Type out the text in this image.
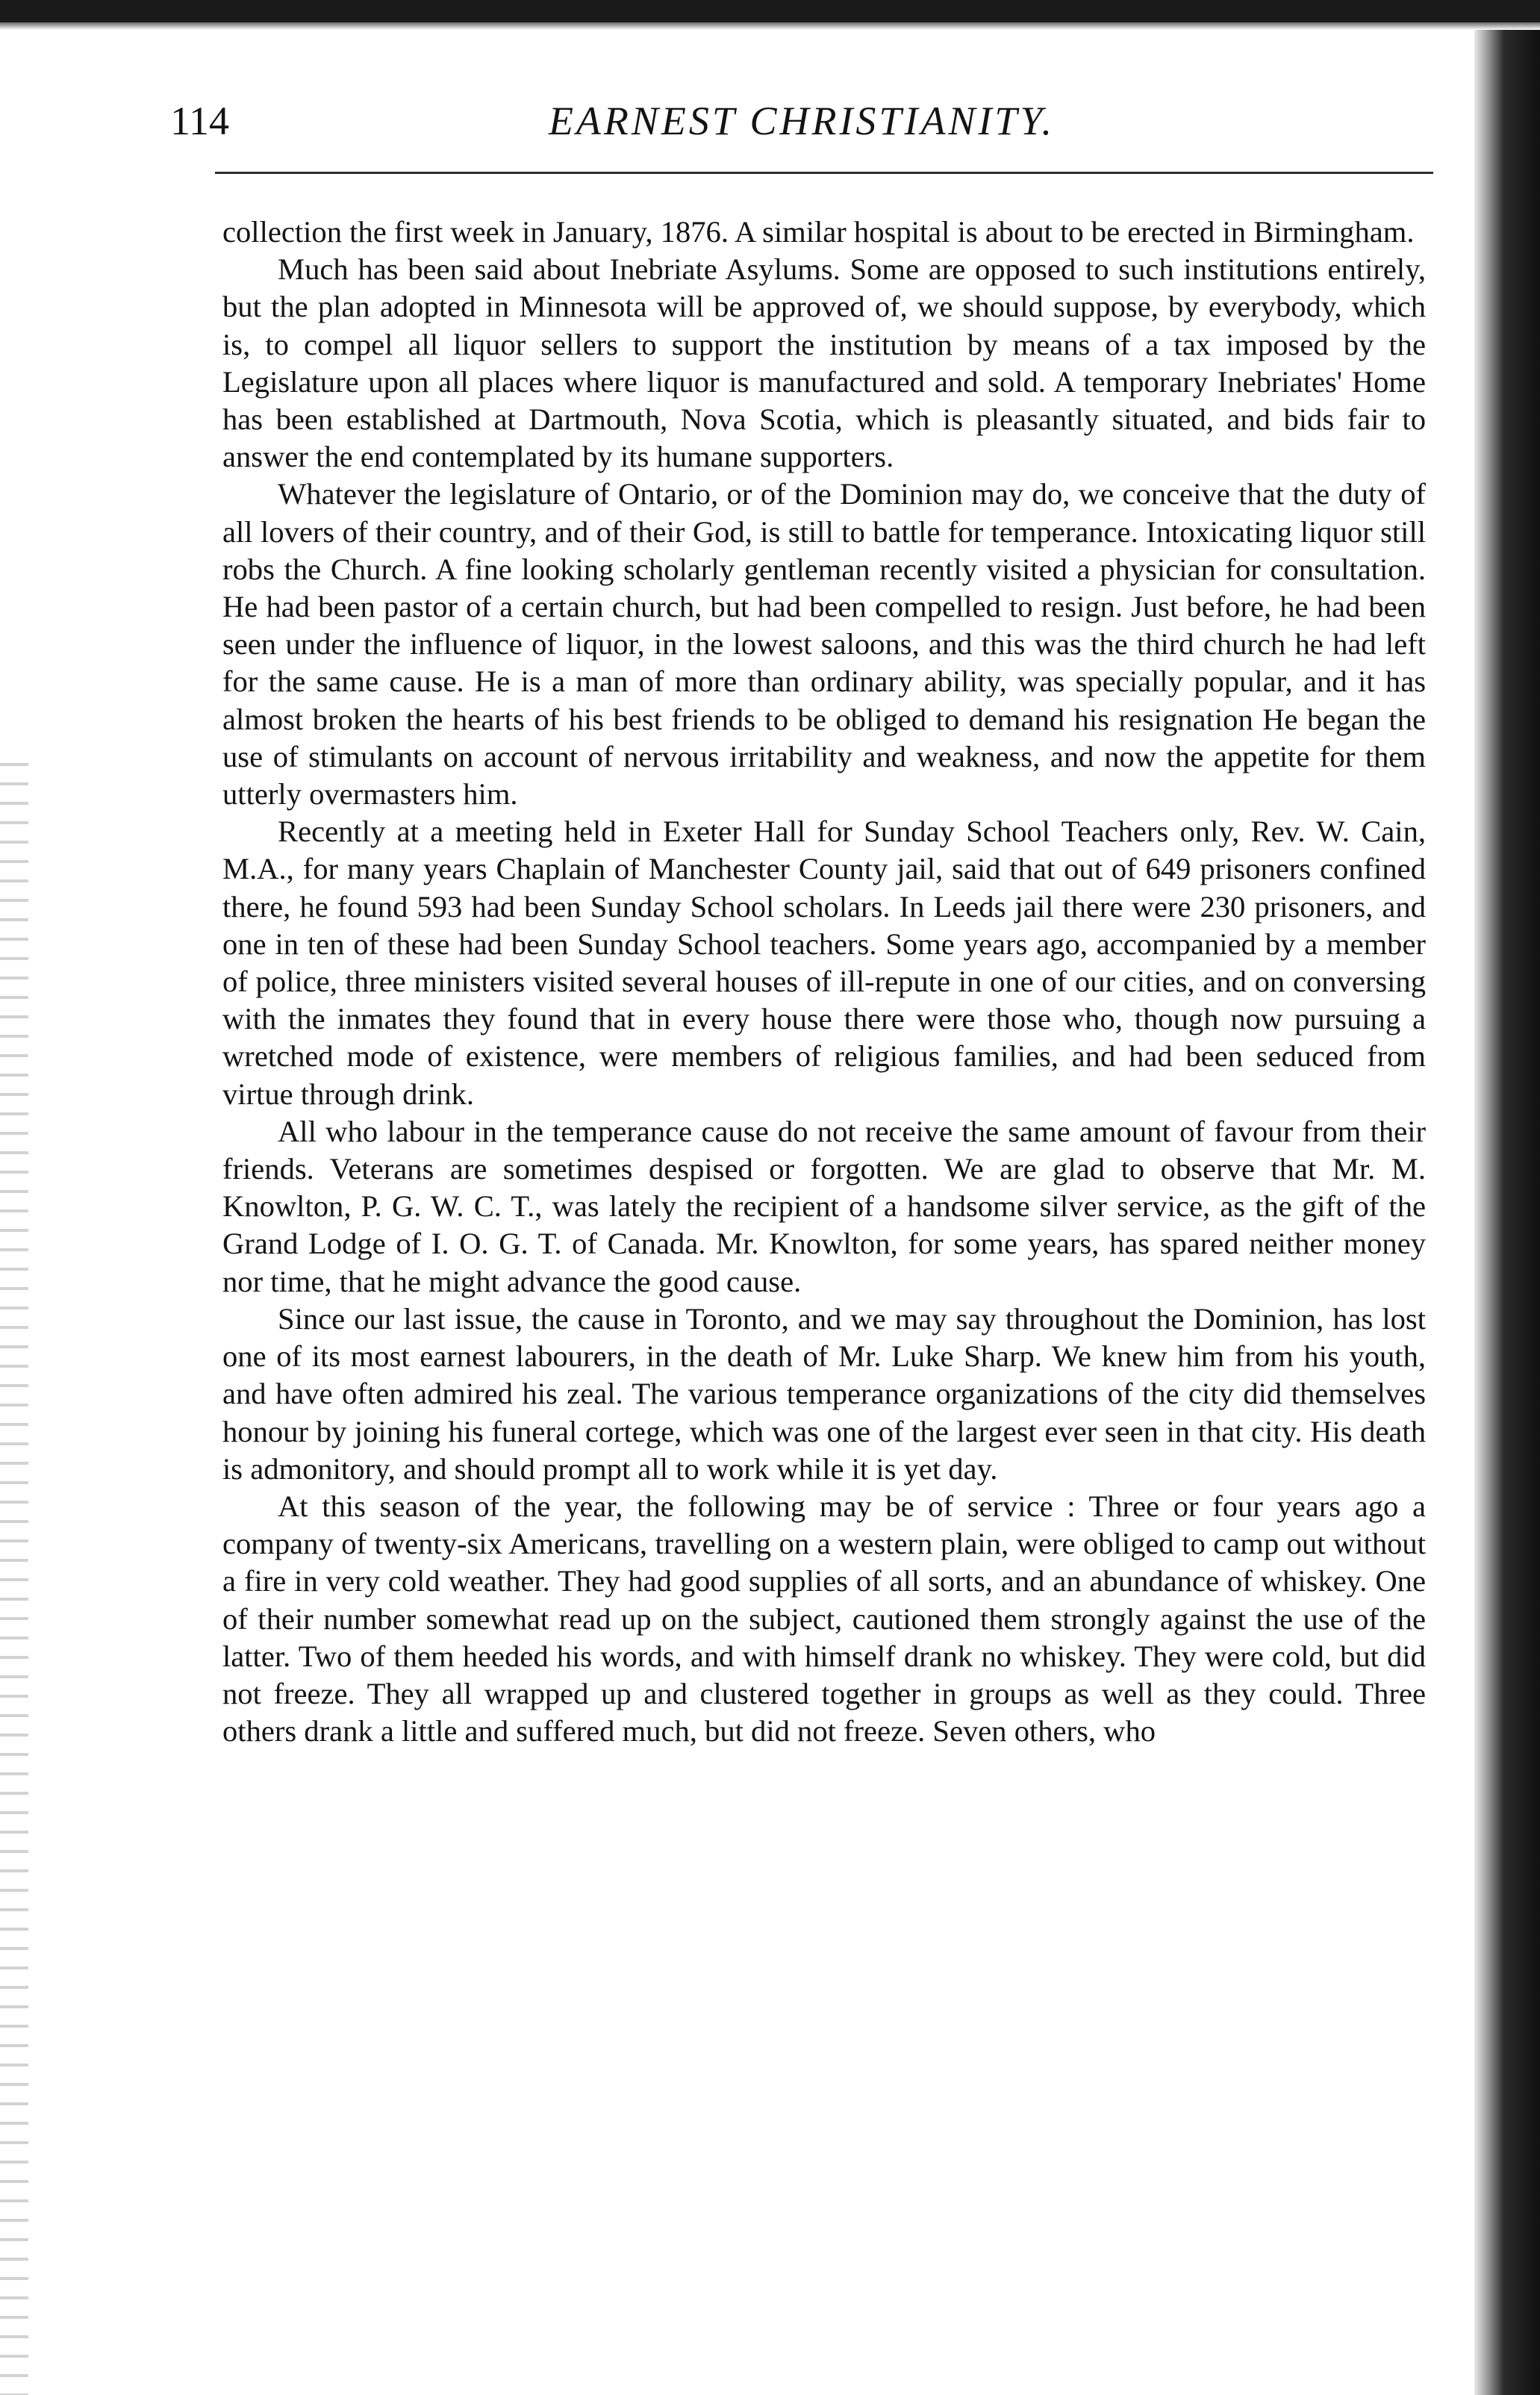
114	EARNEST CHRISTIANITY.

collection the first week in January, 1876. A similar hospital is about to be erected in Birmingham.

Much has been said about Inebriate Asylums. Some are opposed to such institutions entirely, but the plan adopted in Minnesota will be approved of, we should suppose, by everybody, which is, to compel all liquor sellers to support the institution by means of a tax imposed by the Legislature upon all places where liquor is manufactured and sold. A temporary Inebriates' Home has been established at Dartmouth, Nova Scotia, which is pleasantly situated, and bids fair to answer the end contemplated by its humane supporters.

Whatever the legislature of Ontario, or of the Dominion may do, we conceive that the duty of all lovers of their country, and of their God, is still to battle for temperance. Intoxicating liquor still robs the Church. A fine looking scholarly gentleman recently visited a physician for consultation. He had been pastor of a certain church, but had been compelled to resign. Just before, he had been seen under the influence of liquor, in the lowest saloons, and this was the third church he had left for the same cause. He is a man of more than ordinary ability, was specially popular, and it has almost broken the hearts of his best friends to be obliged to demand his resignation He began the use of stimulants on account of nervous irritability and weakness, and now the appetite for them utterly overmasters him.

Recently at a meeting held in Exeter Hall for Sunday School Teachers only, Rev. W. Cain, M.A., for many years Chaplain of Manchester County jail, said that out of 649 prisoners confined there, he found 593 had been Sunday School scholars. In Leeds jail there were 230 prisoners, and one in ten of these had been Sunday School teachers. Some years ago, accompanied by a member of police, three ministers visited several houses of ill-repute in one of our cities, and on conversing with the inmates they found that in every house there were those who, though now pursuing a wretched mode of existence, were members of religious families, and had been seduced from virtue through drink.

All who labour in the temperance cause do not receive the same amount of favour from their friends. Veterans are sometimes despised or forgotten. We are glad to observe that Mr. M. Knowlton, P. G. W. C. T., was lately the recipient of a handsome silver service, as the gift of the Grand Lodge of I. O. G. T. of Canada. Mr. Knowlton, for some years, has spared neither money nor time, that he might advance the good cause.

Since our last issue, the cause in Toronto, and we may say throughout the Dominion, has lost one of its most earnest labourers, in the death of Mr. Luke Sharp. We knew him from his youth, and have often admired his zeal. The various temperance organizations of the city did themselves honour by joining his funeral cortege, which was one of the largest ever seen in that city. His death is admonitory, and should prompt all to work while it is yet day.

At this season of the year, the following may be of service : Three or four years ago a company of twenty-six Americans, travelling on a western plain, were obliged to camp out without a fire in very cold weather. They had good supplies of all sorts, and an abundance of whiskey. One of their number somewhat read up on the subject, cautioned them strongly against the use of the latter. Two of them heeded his words, and with himself drank no whiskey. They were cold, but did not freeze. They all wrapped up and clustered together in groups as well as they could. Three others drank a little and suffered much, but did not freeze. Seven others, who
